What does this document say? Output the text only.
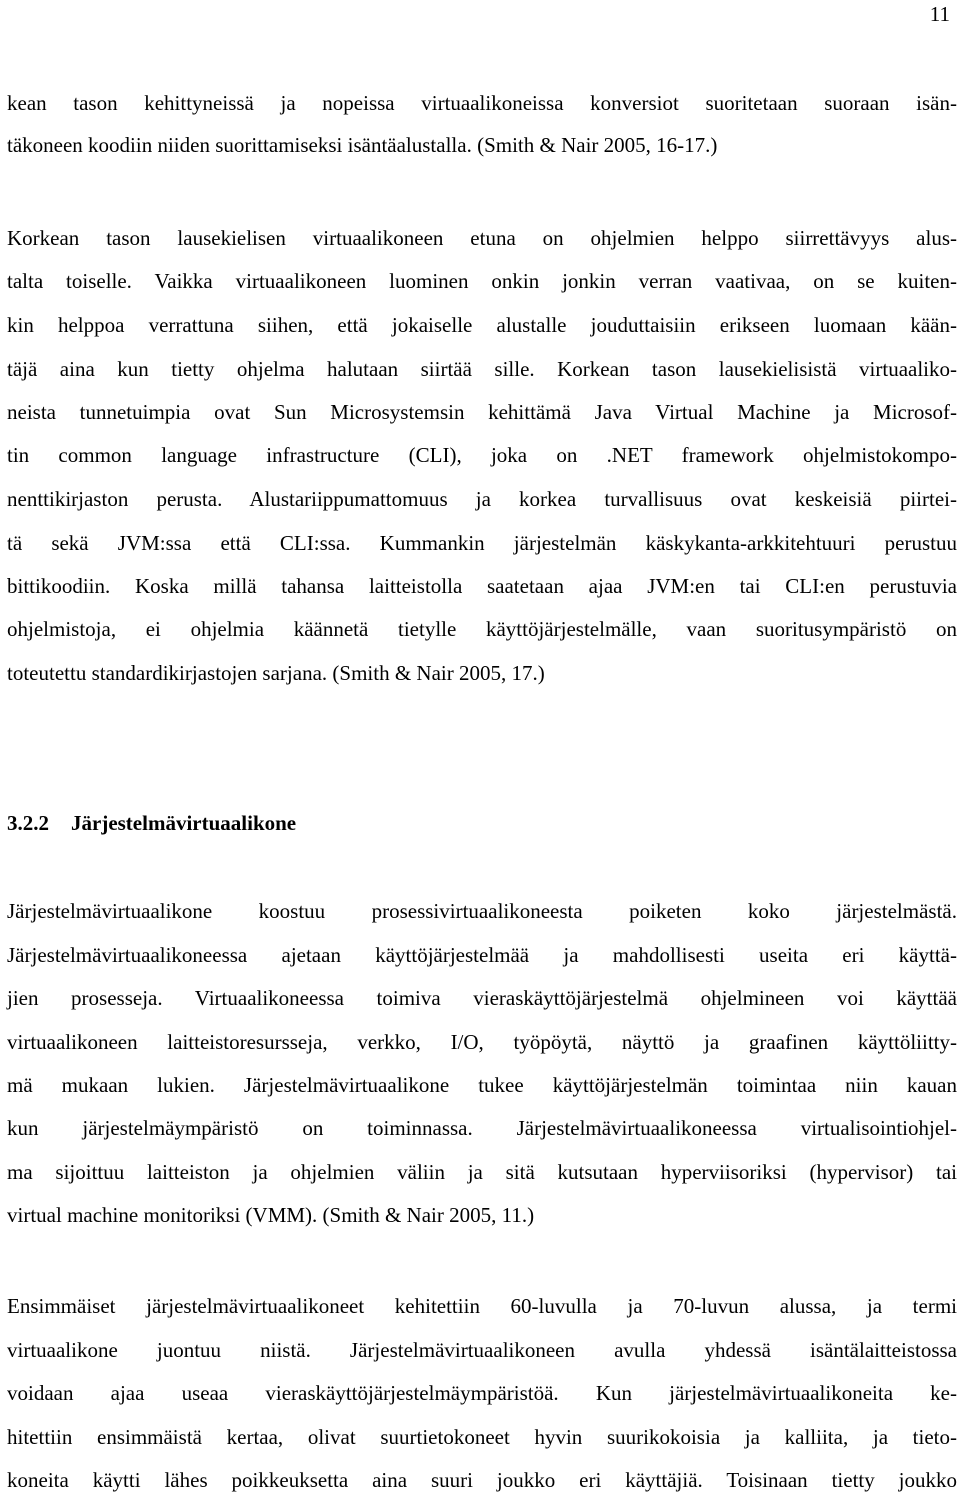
11
kean tason kehittyneissä ja nopeissa virtuaalikoneissa konversiot suoritetaan suoraan isän-
täkoneen koodiin niiden suorittamiseksi isäntäalustalla. (Smith & Nair 2005, 16-17.)
Korkean tason lausekielisen virtuaalikoneen etuna on ohjelmien helppo siirrettävyys alus-
talta toiselle. Vaikka virtuaalikoneen luominen onkin jonkin verran vaativaa, on se kuiten-
kin helppoa verrattuna siihen, että jokaiselle alustalle jouduttaisiin erikseen luomaan kään-
täjä aina kun tietty ohjelma halutaan siirtää sille. Korkean tason lausekielisistä virtuaaliko-
neista tunnetuimpia ovat Sun Microsystemsin kehittämä Java Virtual Machine ja Microsof-
tin common language infrastructure (CLI), joka on .NET framework ohjelmistokompo-
nenttikirjaston perusta. Alustariippumattomuus ja korkea turvallisuus ovat keskeisiä piirtei-
tä sekä JVM:ssa että CLI:ssa. Kummankin järjestelmän käskykanta-arkkitehtuuri perustuu
bittikoodiin. Koska millä tahansa laitteistolla saatetaan ajaa JVM:en tai CLI:en perustuvia
ohjelmistoja, ei ohjelmia käännetä tietylle käyttöjärjestelmälle, vaan suoritusympäristö on
toteutettu standardikirjastojen sarjana. (Smith & Nair 2005, 17.)
3.2.2 Järjestelmävirtuaalikone
Järjestelmävirtuaalikone koostuu prosessivirtuaalikoneesta poiketen koko järjestelmästä.
Järjestelmävirtuaalikoneessa ajetaan käyttöjärjestelmää ja mahdollisesti useita eri käyttä-
jien prosesseja. Virtuaalikoneessa toimiva vieraskäyttöjärjestelmä ohjelmineen voi käyttää
virtuaalikoneen laitteistoresursseja, verkko, I/O, työpöytä, näyttö ja graafinen käyttöliitty-
mä mukaan lukien. Järjestelmävirtuaalikone tukee käyttöjärjestelmän toimintaa niin kauan
kun järjestelmäympäristö on toiminnassa. Järjestelmävirtuaalikoneessa virtualisointiohjel-
ma sijoittuu laitteiston ja ohjelmien väliin ja sitä kutsutaan hyperviisoriksi (hypervisor) tai
virtual machine monitoriksi (VMM). (Smith & Nair 2005, 11.)
Ensimmäiset järjestelmävirtuaalikoneet kehitettiin 60-luvulla ja 70-luvun alussa, ja termi
virtuaalikone juontuu niistä. Järjestelmävirtuaalikoneen avulla yhdessä isäntälaitteistossa
voidaan ajaa useaa vieraskäyttöjärjestelmäympäristöä. Kun järjestelmävirtuaalikoneita ke-
hitettiin ensimmäistä kertaa, olivat suurtietokoneet hyvin suurikokoisia ja kalliita, ja tieto-
koneita käytti lähes poikkeuksetta aina suuri joukko eri käyttäjiä. Toisinaan tietty joukko
